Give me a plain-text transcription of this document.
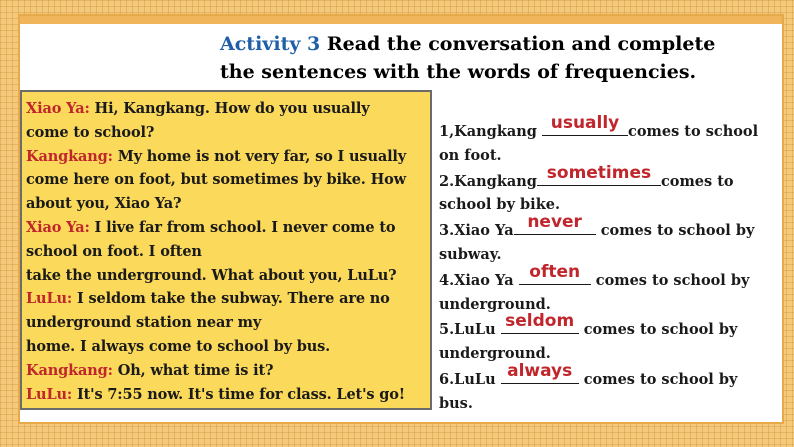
Activity 3 Read the conversation and complete
the sentences with the words of frequencies.
Xiao Ya: Hi, Kangkang. How do you usually
come to school?
Kangkang: My home is not very far, so I usually
come here on foot, but sometimes by bike. How
about you, Xiao Ya?
Xiao Ya: I live far from school. I never come to
school on foot. I often
take the underground. What about you, LuLu?
LuLu: I seldom take the subway. There are no
underground station near my
home. I always come to school by bus.
Kangkang: Oh, what time is it?
LuLu: It's 7:55 now. It's time for class. Let's go!
1,Kangkang usually comes to school
on foot.
2.Kangkang sometimes comes to
school by bike.
3.Xiao Ya never comes to school by
subway.
4.Xiao Ya often comes to school by
underground.
5.LuLu seldom comes to school by
underground.
6.LuLu always comes to school by
bus.
